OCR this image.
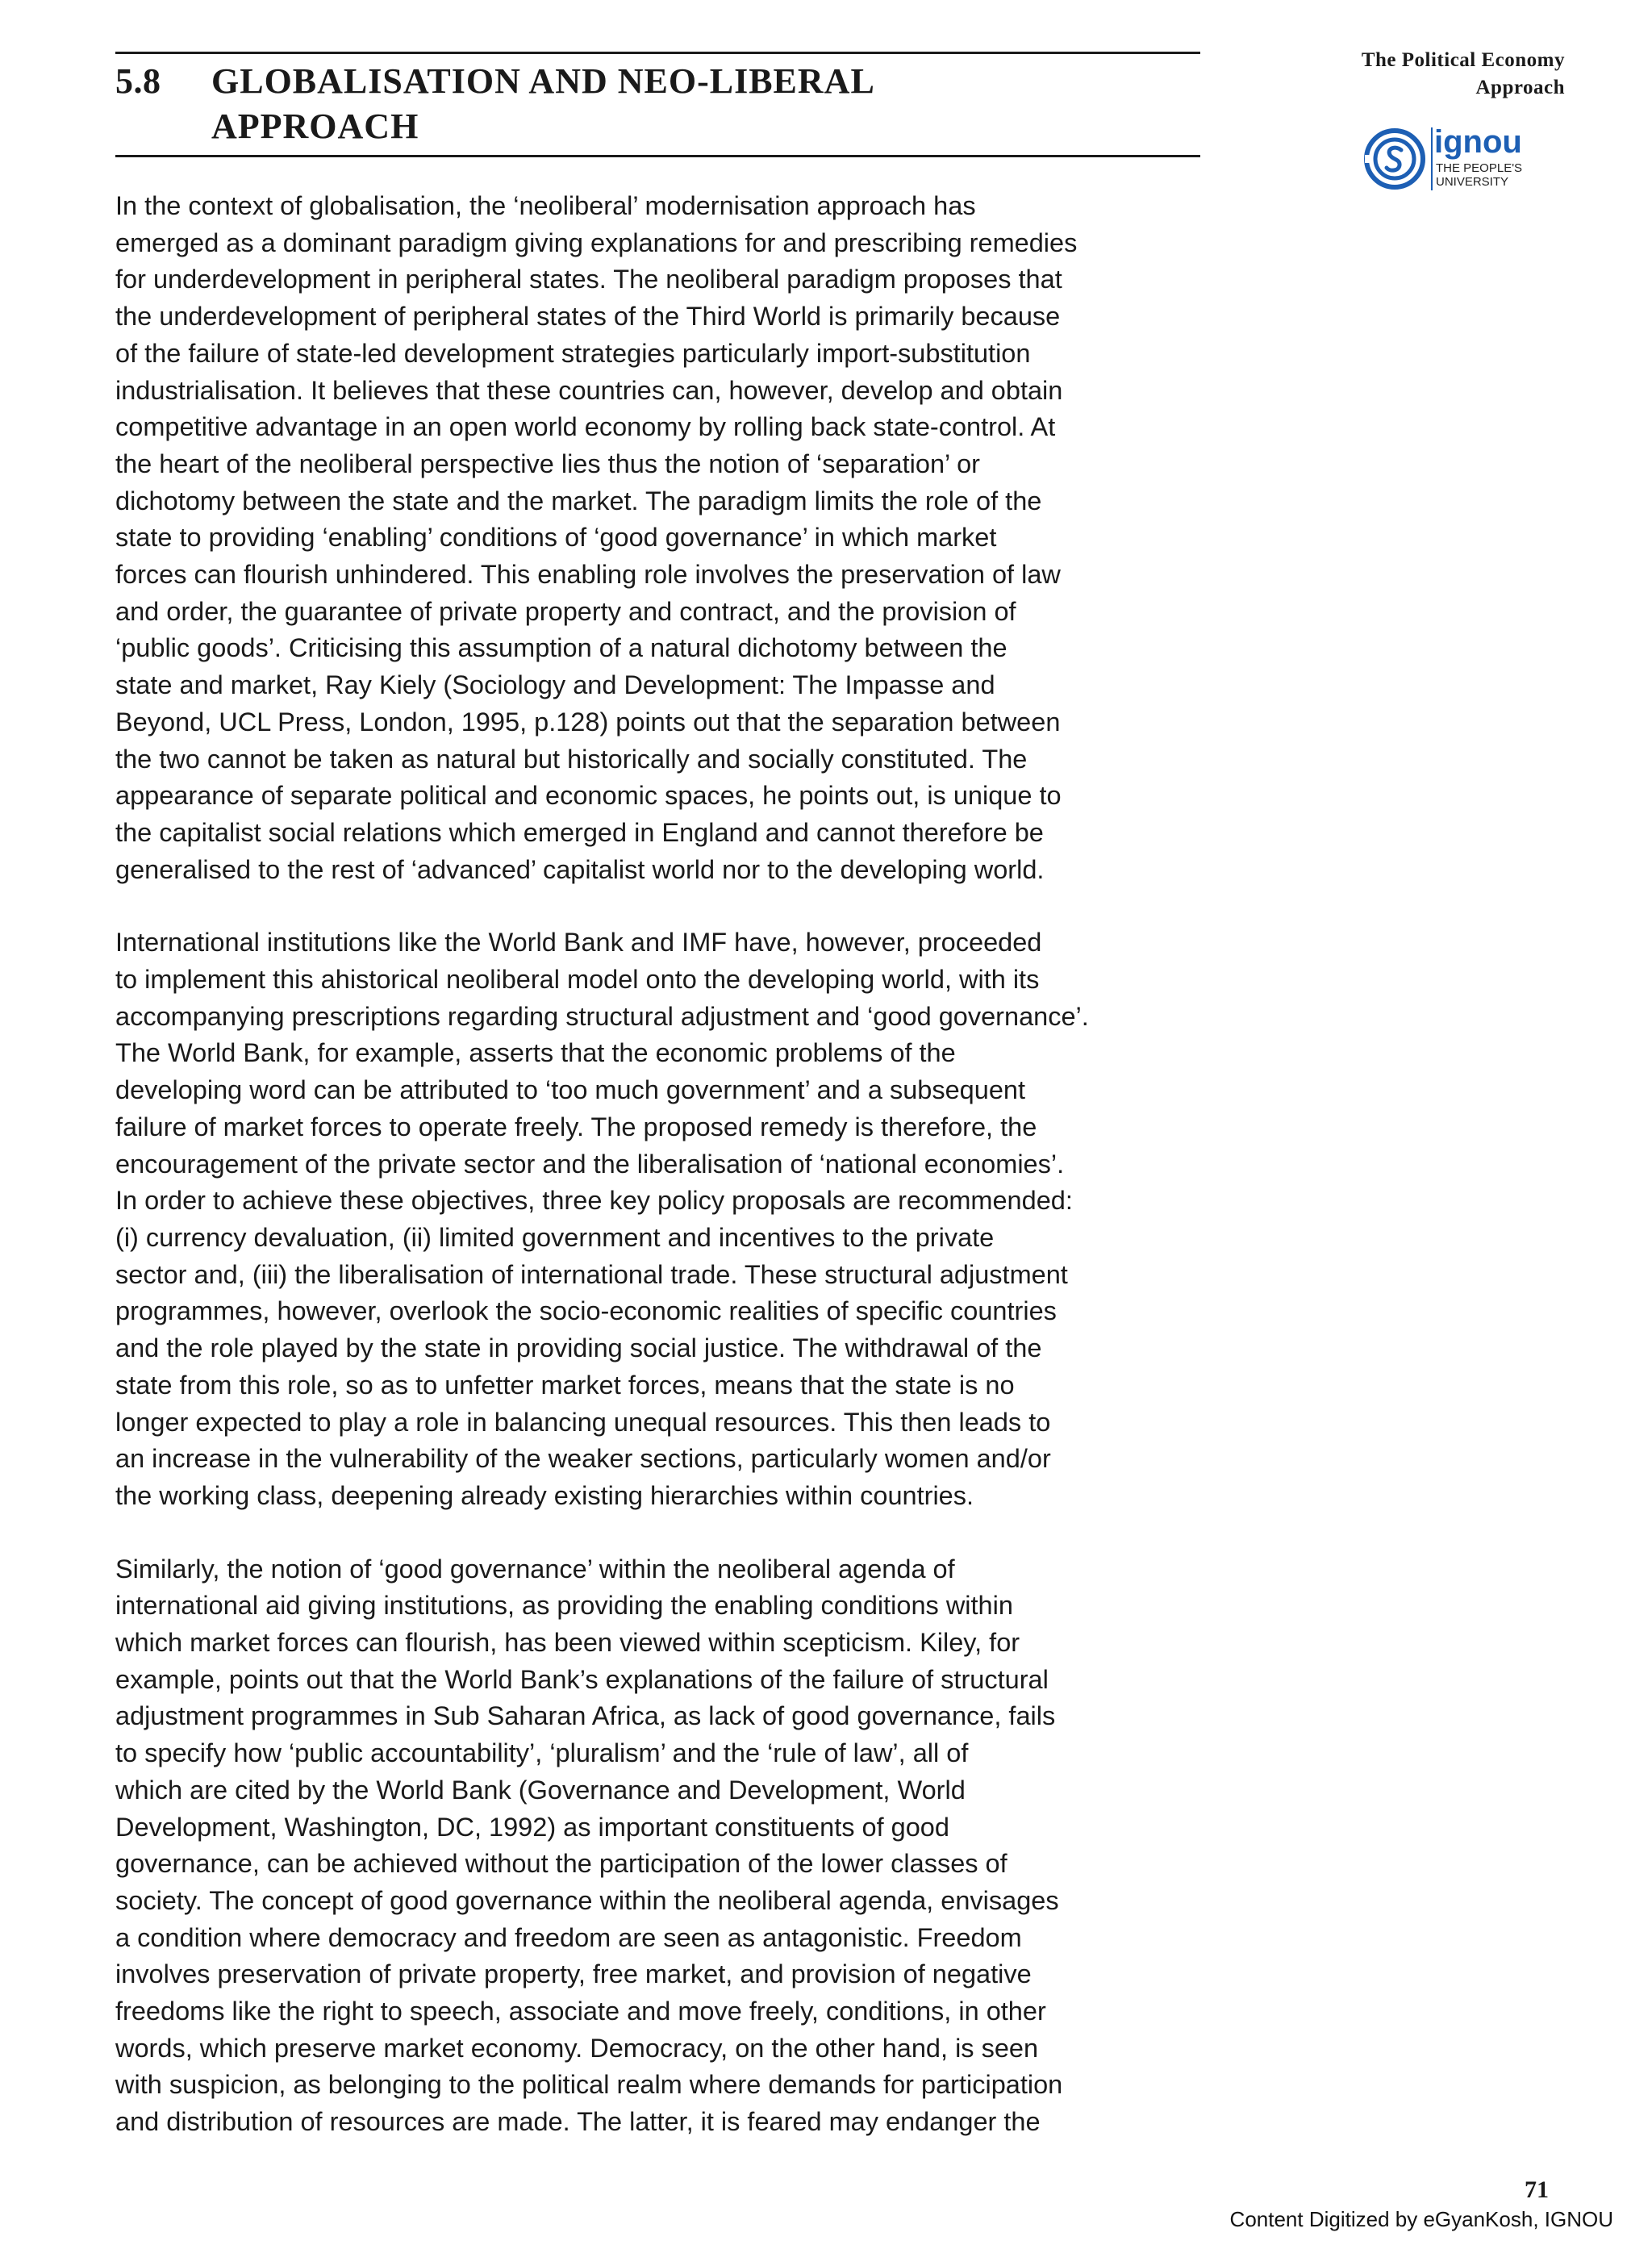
5.8 GLOBALISATION AND NEO-LIBERAL
APPROACH
The Political Economy
Approach
ignou
THE PEOPLE'S
UNIVERSITY
In the context of globalisation, the ‘neoliberal’ modernisation approach has
emerged as a dominant paradigm giving explanations for and prescribing remedies
for underdevelopment in peripheral states. The neoliberal paradigm proposes that
the underdevelopment of peripheral states of the Third World is primarily because
of the failure of state-led development strategies particularly import-substitution
industrialisation. It believes that these countries can, however, develop and obtain
competitive advantage in an open world economy by rolling back state-control. At
the heart of the neoliberal perspective lies thus the notion of ‘separation’ or
dichotomy between the state and the market. The paradigm limits the role of the
state to providing ‘enabling’ conditions of ‘good governance’ in which market
forces can flourish unhindered. This enabling role involves the preservation of law
and order, the guarantee of private property and contract, and the provision of
‘public goods’. Criticising this assumption of a natural dichotomy between the
state and market, Ray Kiely (Sociology and Development: The Impasse and
Beyond, UCL Press, London, 1995, p.128) points out that the separation between
the two cannot be taken as natural but historically and socially constituted. The
appearance of separate political and economic spaces, he points out, is unique to
the capitalist social relations which emerged in England and cannot therefore be
generalised to the rest of ‘advanced’ capitalist world nor to the developing world.
International institutions like the World Bank and IMF have, however, proceeded
to implement this ahistorical neoliberal model onto the developing world, with its
accompanying prescriptions regarding structural adjustment and ‘good governance’.
The World Bank, for example, asserts that the economic problems of the
developing word can be attributed to ‘too much government’ and a subsequent
failure of market forces to operate freely. The proposed remedy is therefore, the
encouragement of the private sector and the liberalisation of ‘national economies’.
In order to achieve these objectives, three key policy proposals are recommended:
(i) currency devaluation, (ii) limited government and incentives to the private
sector and, (iii) the liberalisation of international trade. These structural adjustment
programmes, however, overlook the socio-economic realities of specific countries
and the role played by the state in providing social justice. The withdrawal of the
state from this role, so as to unfetter market forces, means that the state is no
longer expected to play a role in balancing unequal resources. This then leads to
an increase in the vulnerability of the weaker sections, particularly women and/or
the working class, deepening already existing hierarchies within countries.
Similarly, the notion of ‘good governance’ within the neoliberal agenda of
international aid giving institutions, as providing the enabling conditions within
which market forces can flourish, has been viewed within scepticism. Kiley, for
example, points out that the World Bank’s explanations of the failure of structural
adjustment programmes in Sub Saharan Africa, as lack of good governance, fails
to specify how ‘public accountability’, ‘pluralism’ and the ‘rule of law’, all of
which are cited by the World Bank (Governance and Development, World
Development, Washington, DC, 1992) as important constituents of good
governance, can be achieved without the participation of the lower classes of
society. The concept of good governance within the neoliberal agenda, envisages
a condition where democracy and freedom are seen as antagonistic. Freedom
involves preservation of private property, free market, and provision of negative
freedoms like the right to speech, associate and move freely, conditions, in other
words, which preserve market economy. Democracy, on the other hand, is seen
with suspicion, as belonging to the political realm where demands for participation
and distribution of resources are made. The latter, it is feared may endanger the
71
Content Digitized by eGyanKosh, IGNOU
